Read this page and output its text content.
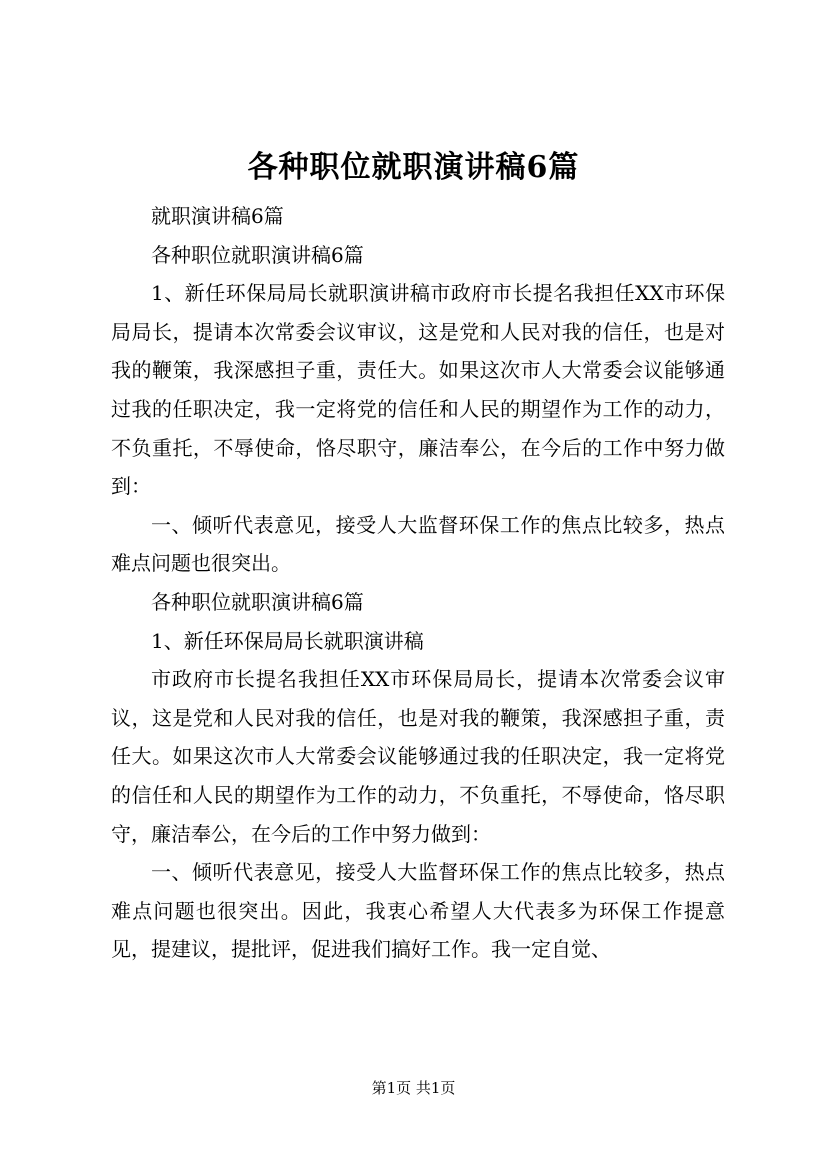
各种职位就职演讲稿6篇

就职演讲稿6篇

各种职位就职演讲稿6篇

1、新任环保局局长就职演讲稿市政府市长提名我担任XX市环保局局长，提请本次常委会议审议，这是党和人民对我的信任，也是对我的鞭策，我深感担子重，责任大。如果这次市人大常委会议能够通过我的任职决定，我一定将党的信任和人民的期望作为工作的动力，不负重托，不辱使命，恪尽职守，廉洁奉公，在今后的工作中努力做到：

一、倾听代表意见，接受人大监督环保工作的焦点比较多，热点难点问题也很突出。

各种职位就职演讲稿6篇

1、新任环保局局长就职演讲稿

市政府市长提名我担任XX市环保局局长，提请本次常委会议审议，这是党和人民对我的信任，也是对我的鞭策，我深感担子重，责任大。如果这次市人大常委会议能够通过我的任职决定，我一定将党的信任和人民的期望作为工作的动力，不负重托，不辱使命，恪尽职守，廉洁奉公，在今后的工作中努力做到：

一、倾听代表意见，接受人大监督环保工作的焦点比较多，热点难点问题也很突出。因此，我衷心希望人大代表多为环保工作提意见，提建议，提批评，促进我们搞好工作。我一定自觉、

第1页 共1页
